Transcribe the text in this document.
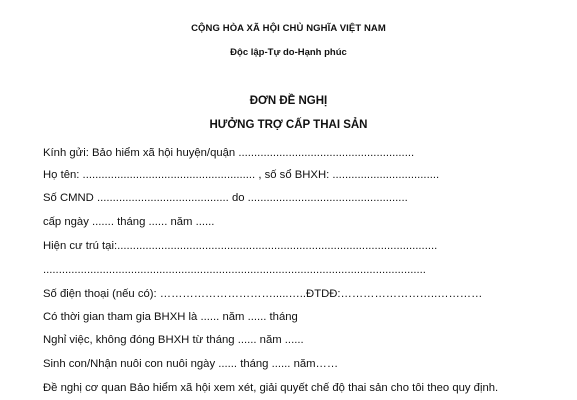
CỘNG HÒA XÃ HỘI CHỦ NGHĨA VIỆT NAM
Độc lập-Tự do-Hạnh phúc
ĐƠN ĐỀ NGHỊ
HƯỞNG TRỢ CẤP THAI SẢN
Kính gửi: Bảo hiểm xã hội huyện/quận ........................................................
Họ tên: ....................................................... , số sổ BHXH: ..................................
Số CMND .......................................... do ...................................................
cấp ngày ....... tháng ...... năm ......
Hiện cư trú tại:......................................................................................................
..........................................................................................................................
Số điện thoại (nếu có): ………………………….....…..ĐTDĐ:……………………..…………
Có thời gian tham gia BHXH là ...... năm ...... tháng
Nghỉ việc, không đóng BHXH từ tháng ...... năm ......
Sinh con/Nhận nuôi con nuôi ngày ...... tháng ...... năm……
Đề nghị cơ quan Bảo hiểm xã hội xem xét, giải quyết chế độ thai sản cho tôi theo quy định.
